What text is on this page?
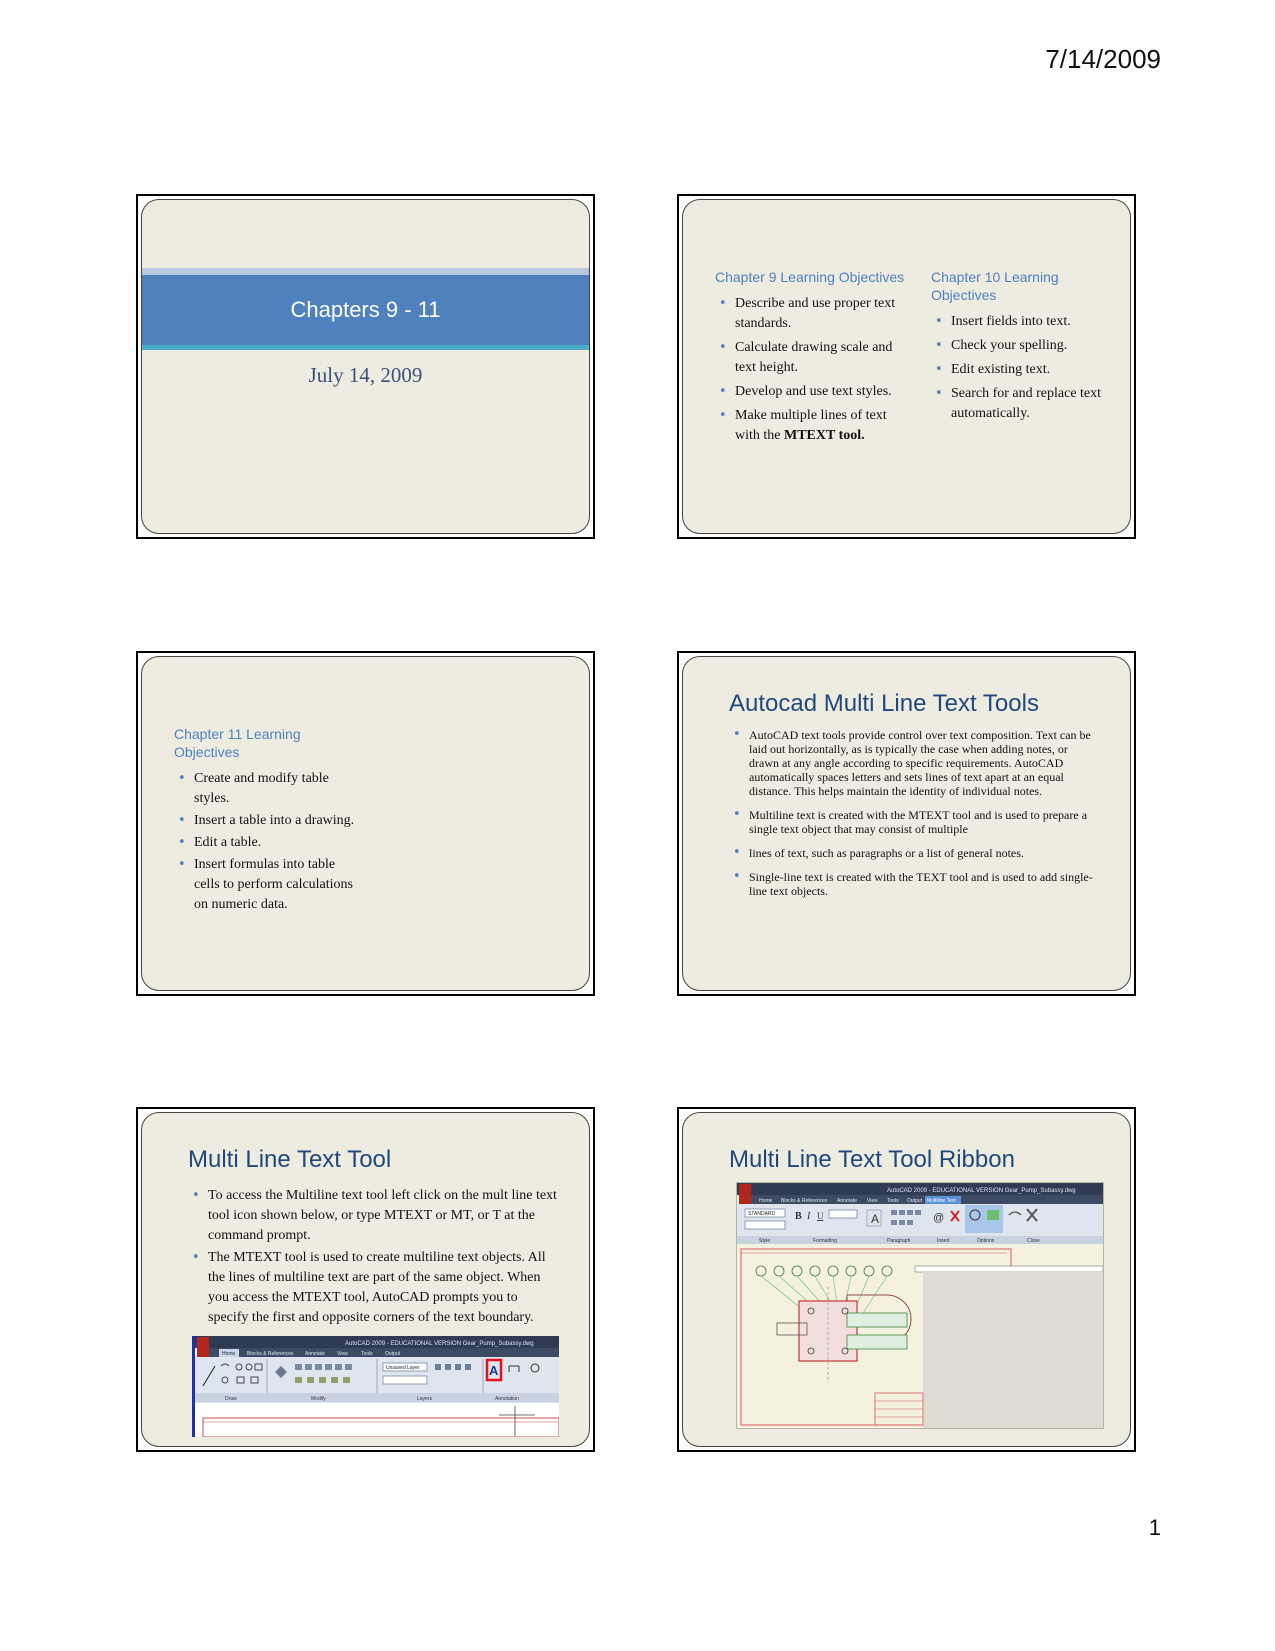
7/14/2009
Chapters 9 - 11
July 14, 2009
Chapter 9 Learning Objectives
• Describe and use proper text standards.
• Calculate drawing scale and text height.
• Develop and use text styles.
• Make multiple lines of text with the MTEXT tool.
Chapter 10 Learning Objectives
• Insert fields into text.
• Check your spelling.
• Edit existing text.
• Search for and replace text automatically.
Chapter 11 Learning Objectives
• Create and modify table styles.
• Insert a table into a drawing.
• Edit a table.
• Insert formulas into table cells to perform calculations on numeric data.
Autocad Multi Line Text Tools
• AutoCAD text tools provide control over text composition. Text can be laid out horizontally, as is typically the case when adding notes, or drawn at any angle according to specific requirements. AutoCAD automatically spaces letters and sets lines of text apart at an equal distance. This helps maintain the identity of individual notes.
• Multiline text is created with the MTEXT tool and is used to prepare a single text object that may consist of multiple
• lines of text, such as paragraphs or a list of general notes.
• Single-line text is created with the TEXT tool and is used to add single-line text objects.
Multi Line Text Tool
• To access the Multiline text tool left click on the mult line text tool icon shown below, or type MTEXT or MT, or T at the command prompt.
• The MTEXT tool is used to create multiline text objects. All the lines of multiline text are part of the same object. When you access the MTEXT tool, AutoCAD prompts you to specify the first and opposite corners of the text boundary.
AutoCAD 2009 - EDUCATIONAL VERSION Gear_Pump_Subassy.dwg
Home Blocks & References Annotate View	Tools Output
Unsaved Layer	A
Draw	Modify	Layers	Annotation
Multi Line Text Tool Ribbon
AutoCAD 2009 - EDUCATIONAL VERSION Gear_Pump_Subassy.dwg
Home Blocks & References Annotate View Tools Output Multiline Text
STANDARD B I U	A	@
Style	Formatting	Paragraph	Insert	Options	Close
1
